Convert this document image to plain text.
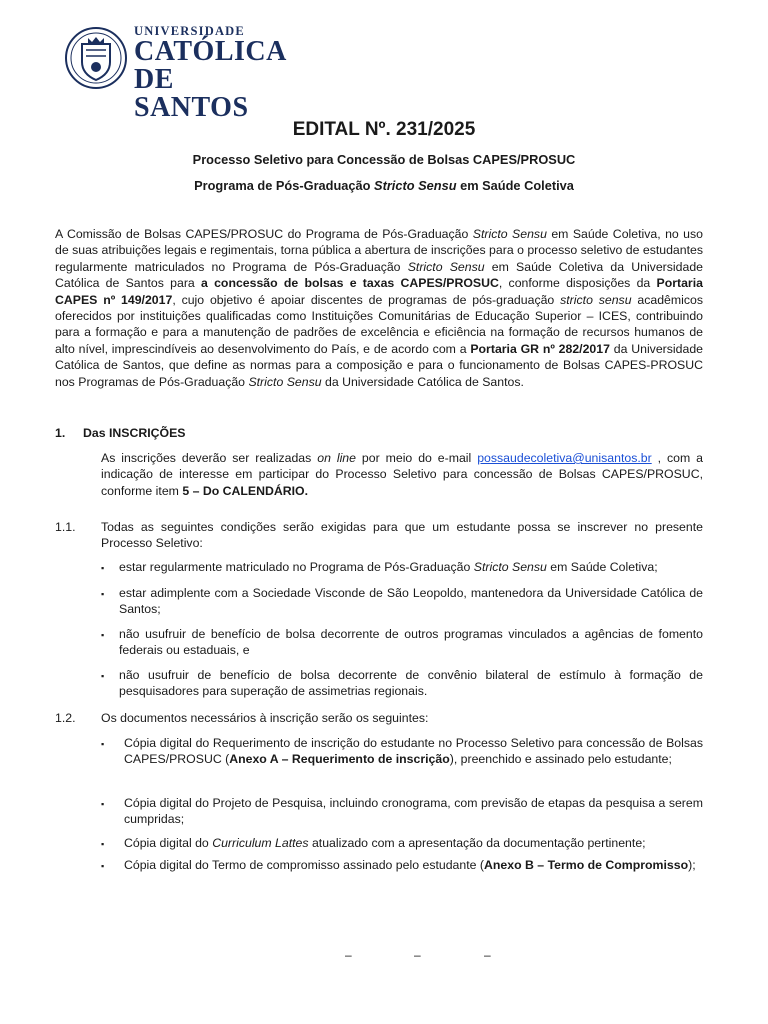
UNIVERSIDADE
CATÓLICA
DE SANTOS
EDITAL Nº. 231/2025
Processo Seletivo para Concessão de Bolsas CAPES/PROSUC
Programa de Pós-Graduação Stricto Sensu em Saúde Coletiva
A Comissão de Bolsas CAPES/PROSUC do Programa de Pós-Graduação Stricto Sensu em Saúde Coletiva, no uso de suas atribuições legais e regimentais, torna pública a abertura de inscrições para o processo seletivo de estudantes regularmente matriculados no Programa de Pós-Graduação Stricto Sensu em Saúde Coletiva da Universidade Católica de Santos para a concessão de bolsas e taxas CAPES/PROSUC, conforme disposições da Portaria CAPES nº 149/2017, cujo objetivo é apoiar discentes de programas de pós-graduação stricto sensu acadêmicos oferecidos por instituições qualificadas como Instituições Comunitárias de Educação Superior – ICES, contribuindo para a formação e para a manutenção de padrões de excelência e eficiência na formação de recursos humanos de alto nível, imprescindíveis ao desenvolvimento do País, e de acordo com a Portaria GR nº 282/2017 da Universidade Católica de Santos, que define as normas para a composição e para o funcionamento de Bolsas CAPES-PROSUC nos Programas de Pós-Graduação Stricto Sensu da Universidade Católica de Santos.
1. Das INSCRIÇÕES
As inscrições deverão ser realizadas on line por meio do e-mail possaudecoletiva@unisantos.br , com a indicação de interesse em participar do Processo Seletivo para concessão de Bolsas CAPES/PROSUC, conforme item 5 – Do CALENDÁRIO.
1.1. Todas as seguintes condições serão exigidas para que um estudante possa se inscrever no presente Processo Seletivo:
▪ estar regularmente matriculado no Programa de Pós-Graduação Stricto Sensu em Saúde Coletiva;
▪ estar adimplente com a Sociedade Visconde de São Leopoldo, mantenedora da Universidade Católica de Santos;
▪ não usufruir de benefício de bolsa decorrente de outros programas vinculados a agências de fomento federais ou estaduais, e
▪ não usufruir de benefício de bolsa decorrente de convênio bilateral de estímulo à formação de pesquisadores para superação de assimetrias regionais.
1.2. Os documentos necessários à inscrição serão os seguintes:
▪ Cópia digital do Requerimento de inscrição do estudante no Processo Seletivo para concessão de Bolsas CAPES/PROSUC (Anexo A – Requerimento de inscrição), preenchido e assinado pelo estudante;
▪ Cópia digital do Projeto de Pesquisa, incluindo cronograma, com previsão de etapas da pesquisa a serem cumpridas;
▪ Cópia digital do Curriculum Lattes atualizado com a apresentação da documentação pertinente;
▪ Cópia digital do Termo de compromisso assinado pelo estudante (Anexo B – Termo de Compromisso);
–	–	–
